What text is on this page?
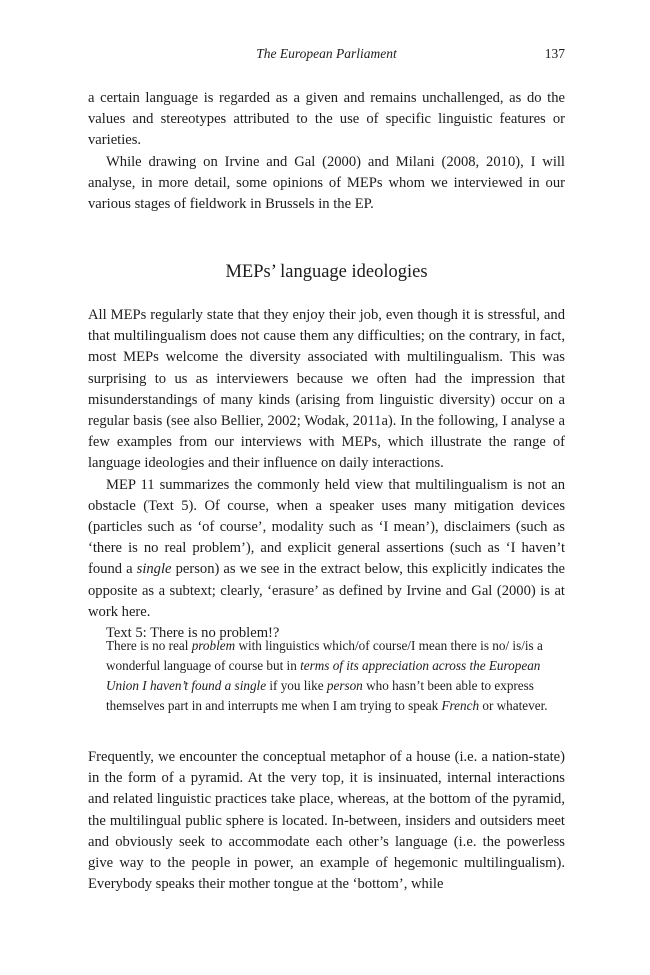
The European Parliament	137

a certain language is regarded as a given and remains unchallenged, as do the values and stereotypes attributed to the use of specific linguistic features or varieties.

While drawing on Irvine and Gal (2000) and Milani (2008, 2010), I will analyse, in more detail, some opinions of MEPs whom we interviewed in our various stages of fieldwork in Brussels in the EP.

MEPs’ language ideologies

All MEPs regularly state that they enjoy their job, even though it is stressful, and that multilingualism does not cause them any difficulties; on the contrary, in fact, most MEPs welcome the diversity associated with multilingualism. This was surprising to us as interviewers because we often had the impression that misunderstandings of many kinds (arising from linguistic diversity) occur on a regular basis (see also Bellier, 2002; Wodak, 2011a). In the following, I analyse a few examples from our interviews with MEPs, which illustrate the range of language ideologies and their influence on daily interactions.

MEP 11 summarizes the commonly held view that multilingualism is not an obstacle (Text 5). Of course, when a speaker uses many mitigation devices (particles such as ‘of course’, modality such as ‘I mean’), disclaimers (such as ‘there is no real problem’), and explicit general assertions (such as ‘I haven’t found a single person) as we see in the extract below, this explicitly indicates the opposite as a subtext; clearly, ‘erasure’ as defined by Irvine and Gal (2000) is at work here.

Text 5: There is no problem!?

There is no real problem with linguistics which/of course/I mean there is no/ is/is a wonderful language of course but in terms of its appreciation across the European Union I haven’t found a single if you like person who hasn’t been able to express themselves part in and interrupts me when I am trying to speak French or whatever.

Frequently, we encounter the conceptual metaphor of a house (i.e. a nation-state) in the form of a pyramid. At the very top, it is insinuated, internal interactions and related linguistic practices take place, whereas, at the bottom of the pyramid, the multilingual public sphere is located. In-between, insiders and outsiders meet and obviously seek to accommodate each other’s language (i.e. the powerless give way to the people in power, an example of hegemonic multilingualism). Everybody speaks their mother tongue at the ‘bottom’, while
